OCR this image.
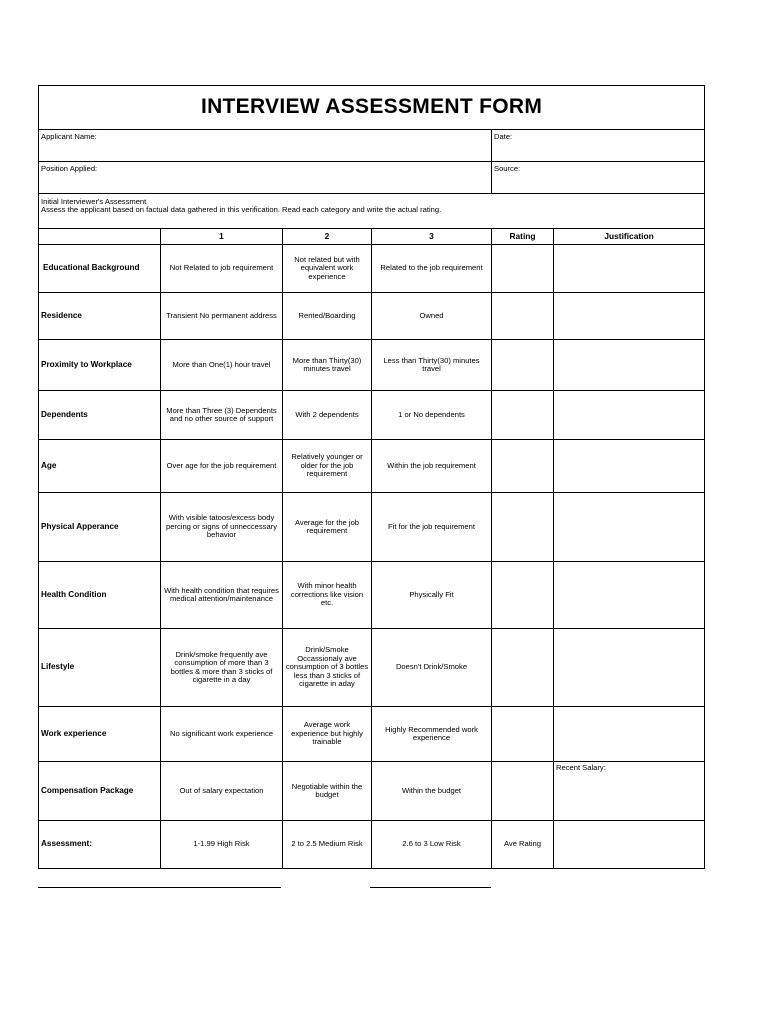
INTERVIEW ASSESSMENT FORM					
Applicant Name:				Date:	
Position Applied:				Source:	

Initial Interviewer's Assessment
Assess the applicant based on factual data gathered in this verification. Read each category and write the actual rating.					

	1	2	3	Rating	Justification
Educational Background	Not Related to job requirement	Not related but with equivalent work experience	Related to the job requirement		
Residence	Transient No permanent address	Rented/Boarding	Owned		
Proximity to Workplace	More than One(1) hour travel	More than Thirty(30) minutes travel	Less than Thirty(30) minutes travel		
Dependents	More than Three (3) Dependents and no other source of support	With 2 dependents	1 or No dependents		
Age	Over age for the job requirement	Relatively younger or older for the job requirement	Within the job requirement		
Physical Apperance	With visible tatoos/excess body percing or signs of unneccessary behavior	Average for the job requirement	Fit for the job requirement		
Health Condition	With health condition that requires medical attention/maintenance	With minor health corrections like vision etc.	Physically Fit		
Lifestyle	Drink/smoke frequently ave consumption of more than 3 bottles & more than 3 sticks of cigarette in a day	Drink/Smoke Occassionaly ave consumption of 3 bottles less than 3 sticks of cigarette in aday	Doesn't Drink/Smoke		
Work experience	No significant work experience	Average work experience but highly trainable	Highly Recommended work experience		
Compensation Package	Out of salary expectation	Negotiable within the budget	Within the budget		Recent Salary:
Assessment:	1-1.99 High Risk	2 to 2.5 Medium Risk	2.6 to 3 Low Risk	Ave Rating	
